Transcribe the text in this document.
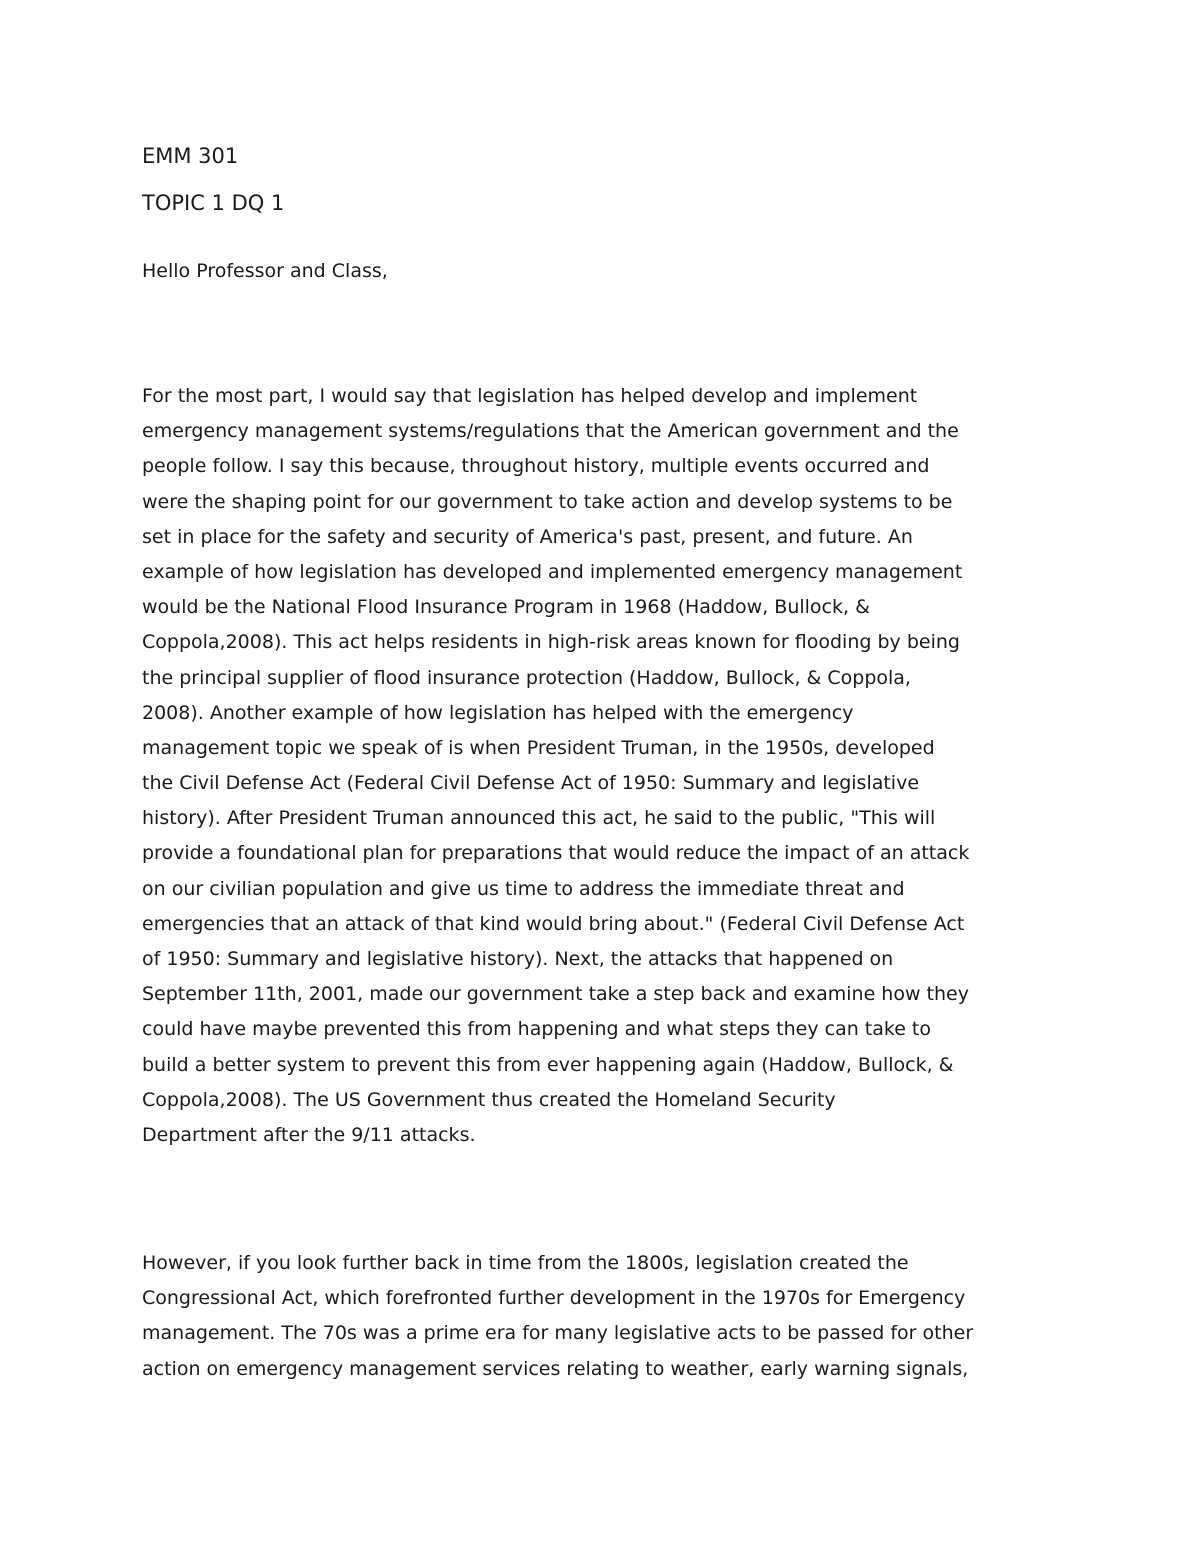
EMM 301
TOPIC 1 DQ 1

Hello Professor and Class,

For the most part, I would say that legislation has helped develop and implement
emergency management systems/regulations that the American government and the
people follow. I say this because, throughout history, multiple events occurred and
were the shaping point for our government to take action and develop systems to be
set in place for the safety and security of America's past, present, and future. An
example of how legislation has developed and implemented emergency management
would be the National Flood Insurance Program in 1968 (Haddow, Bullock, &
Coppola,2008). This act helps residents in high-risk areas known for flooding by being
the principal supplier of flood insurance protection (Haddow, Bullock, & Coppola,
2008). Another example of how legislation has helped with the emergency
management topic we speak of is when President Truman, in the 1950s, developed
the Civil Defense Act (Federal Civil Defense Act of 1950: Summary and legislative
history). After President Truman announced this act, he said to the public, "This will
provide a foundational plan for preparations that would reduce the impact of an attack
on our civilian population and give us time to address the immediate threat and
emergencies that an attack of that kind would bring about." (Federal Civil Defense Act
of 1950: Summary and legislative history). Next, the attacks that happened on
September 11th, 2001, made our government take a step back and examine how they
could have maybe prevented this from happening and what steps they can take to
build a better system to prevent this from ever happening again (Haddow, Bullock, &
Coppola,2008). The US Government thus created the Homeland Security
Department after the 9/11 attacks.
However, if you look further back in time from the 1800s, legislation created the
Congressional Act, which forefronted further development in the 1970s for Emergency
management. The 70s was a prime era for many legislative acts to be passed for other
action on emergency management services relating to weather, early warning signals,
